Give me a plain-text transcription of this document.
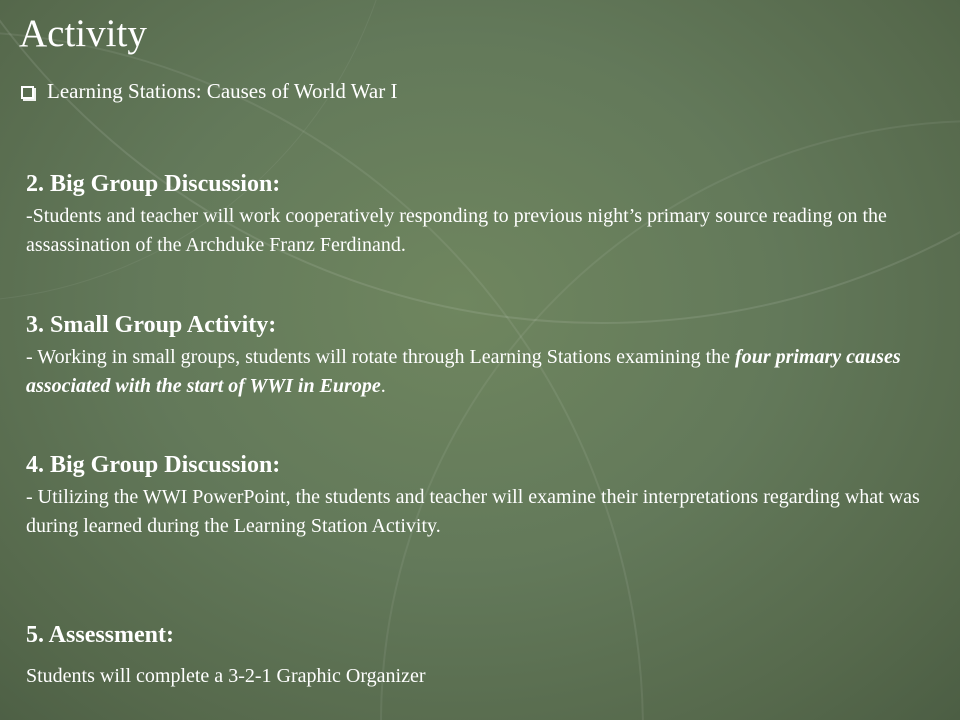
Activity
Learning Stations: Causes of World War I

2. Big Group Discussion:

-Students and teacher will work cooperatively responding to previous night’s primary source reading on the assassination of the Archduke Franz Ferdinand.

3. Small Group Activity:

- Working in small groups, students will rotate through Learning Stations examining the four primary causes associated with the start of WWI in Europe.

4. Big Group Discussion:

- Utilizing the WWI PowerPoint, the students and teacher will examine their interpretations regarding what was during learned during the Learning Station Activity.

5. Assessment:

Students will complete a 3-2-1 Graphic Organizer
